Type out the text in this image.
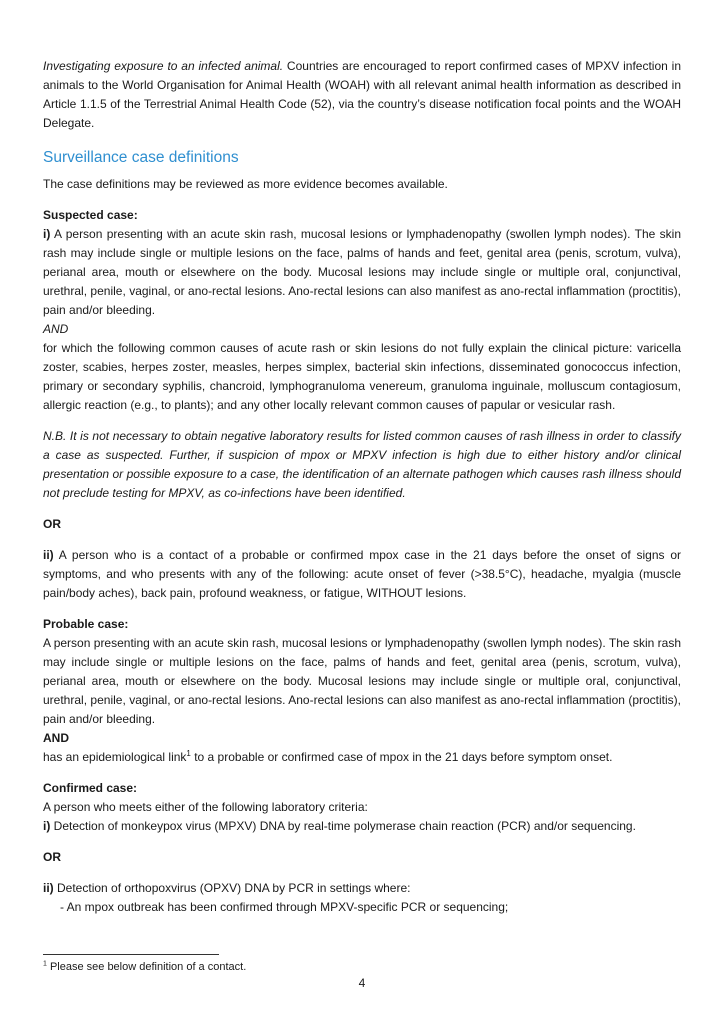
Investigating exposure to an infected animal. Countries are encouraged to report confirmed cases of MPXV infection in animals to the World Organisation for Animal Health (WOAH) with all relevant animal health information as described in Article 1.1.5 of the Terrestrial Animal Health Code (52), via the country’s disease notification focal points and the WOAH Delegate.

Surveillance case definitions

The case definitions may be reviewed as more evidence becomes available.

Suspected case:

i) A person presenting with an acute skin rash, mucosal lesions or lymphadenopathy (swollen lymph nodes). The skin rash may include single or multiple lesions on the face, palms of hands and feet, genital area (penis, scrotum, vulva), perianal area, mouth or elsewhere on the body. Mucosal lesions may include single or multiple oral, conjunctival, urethral, penile, vaginal, or ano-rectal lesions. Ano-rectal lesions can also manifest as ano-rectal inflammation (proctitis), pain and/or bleeding.

AND

for which the following common causes of acute rash or skin lesions do not fully explain the clinical picture: varicella zoster, scabies, herpes zoster, measles, herpes simplex, bacterial skin infections, disseminated gonococcus infection, primary or secondary syphilis, chancroid, lymphogranuloma venereum, granuloma inguinale, molluscum contagiosum, allergic reaction (e.g., to plants); and any other locally relevant common causes of papular or vesicular rash.

N.B. It is not necessary to obtain negative laboratory results for listed common causes of rash illness in order to classify a case as suspected. Further, if suspicion of mpox or MPXV infection is high due to either history and/or clinical presentation or possible exposure to a case, the identification of an alternate pathogen which causes rash illness should not preclude testing for MPXV, as co-infections have been identified.

OR

ii) A person who is a contact of a probable or confirmed mpox case in the 21 days before the onset of signs or symptoms, and who presents with any of the following: acute onset of fever (>38.5°C), headache, myalgia (muscle pain/body aches), back pain, profound weakness, or fatigue, WITHOUT lesions.

Probable case:

A person presenting with an acute skin rash, mucosal lesions or lymphadenopathy (swollen lymph nodes). The skin rash may include single or multiple lesions on the face, palms of hands and feet, genital area (penis, scrotum, vulva), perianal area, mouth or elsewhere on the body. Mucosal lesions may include single or multiple oral, conjunctival, urethral, penile, vaginal, or ano-rectal lesions. Ano-rectal lesions can also manifest as ano-rectal inflammation (proctitis), pain and/or bleeding.

AND

has an epidemiological link$^1$ to a probable or confirmed case of mpox in the 21 days before symptom onset.

Confirmed case:

A person who meets either of the following laboratory criteria:

i) Detection of monkeypox virus (MPXV) DNA by real-time polymerase chain reaction (PCR) and/or sequencing.

OR

ii) Detection of orthopoxvirus (OPXV) DNA by PCR in settings where:

- An mpox outbreak has been confirmed through MPXV-specific PCR or sequencing;

$^1$ Please see below definition of a contact.
4
